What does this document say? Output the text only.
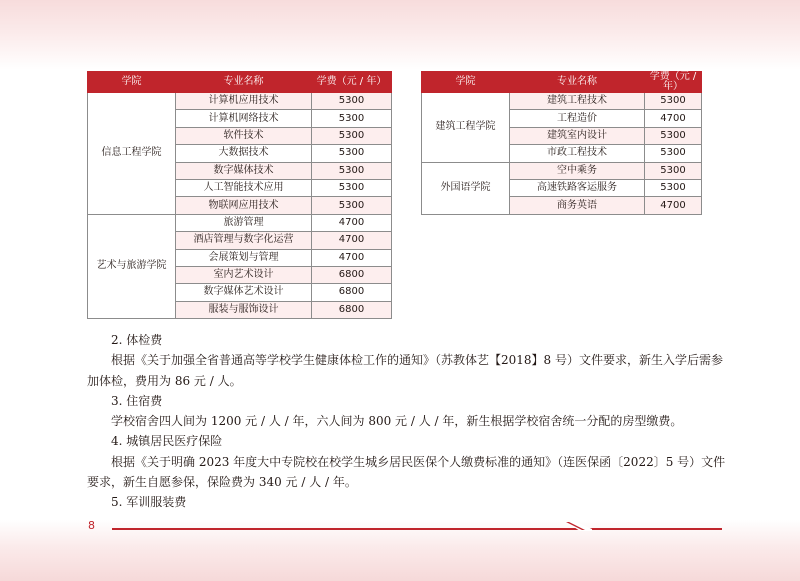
学院	专业名称	学费（元 / 年）
信息工程学院	计算机应用技术	5300
	计算机网络技术	5300
	软件技术	5300
	大数据技术	5300
	数字媒体技术	5300
	人工智能技术应用	5300
	物联网应用技术	5300
艺术与旅游学院	旅游管理	4700
	酒店管理与数字化运营	4700
	会展策划与管理	4700
	室内艺术设计	6800
	数字媒体艺术设计	6800
	服装与服饰设计	6800
学院	专业名称	学费（元 / 年）
建筑工程学院	建筑工程技术	5300
	工程造价	4700
	建筑室内设计	5300
	市政工程技术	5300
外国语学院	空中乘务	5300
	高速铁路客运服务	5300
	商务英语	4700

2. 体检费

根据《关于加强全省普通高等学校学生健康体检工作的通知》（苏教体艺【2018】8 号）文件要求，新生入学后需参加体检，费用为 86 元 / 人。

3. 住宿费

学校宿舍四人间为 1200 元 / 人 / 年，六人间为 800 元 / 人 / 年，新生根据学校宿舍统一分配的房型缴费。

4. 城镇居民医疗保险

根据《关于明确 2023 年度大中专院校在校学生城乡居民医保个人缴费标准的通知》（连医保函〔2022〕5 号）文件要求，新生自愿参保，保险费为 340 元 / 人 / 年。

5. 军训服装费

8
